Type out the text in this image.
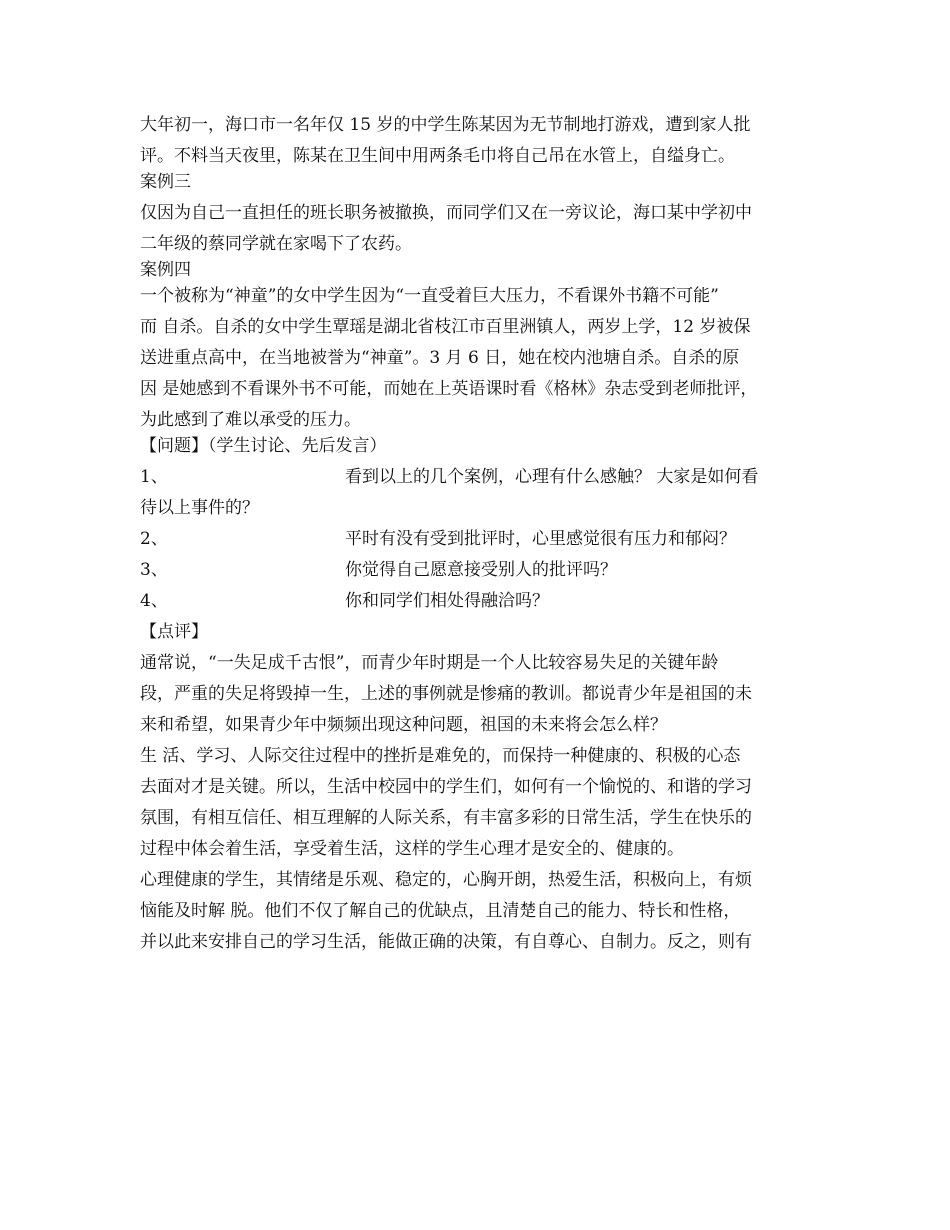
大年初一，海口市一名年仅 15 岁的中学生陈某因为无节制地打游戏，遭到家人批
评。不料当天夜里，陈某在卫生间中用两条毛巾将自己吊在水管上，自缢身亡。
案例三
仅因为自己一直担任的班长职务被撤换，而同学们又在一旁议论，海口某中学初中
二年级的蔡同学就在家喝下了农药。
案例四
一个被称为“神童”的女中学生因为“一直受着巨大压力，不看课外书籍不可能”
而 自杀。自杀的女中学生覃瑶是湖北省枝江市百里洲镇人，两岁上学，12 岁被保
送进重点高中，在当地被誉为“神童”。3 月 6 日，她在校内池塘自杀。自杀的原
因 是她感到不看课外书不可能，而她在上英语课时看《格林》杂志受到老师批评，
为此感到了难以承受的压力。
【问题】（学生讨论、先后发言）
1、	看到以上的几个案例，心理有什么感触？ 大家是如何看
待以上事件的？
2、	平时有没有受到批评时，心里感觉很有压力和郁闷？
3、	你觉得自己愿意接受别人的批评吗？
4、	你和同学们相处得融洽吗？
【点评】
通常说，“一失足成千古恨”，而青少年时期是一个人比较容易失足的关键年龄
段，严重的失足将毁掉一生，上述的事例就是惨痛的教训。都说青少年是祖国的未
来和希望，如果青少年中频频出现这种问题，祖国的未来将会怎么样？
生 活、学习、人际交往过程中的挫折是难免的，而保持一种健康的、积极的心态
去面对才是关键。所以，生活中校园中的学生们，如何有一个愉悦的、和谐的学习
氛围，有相互信任、相互理解的人际关系，有丰富多彩的日常生活，学生在快乐的
过程中体会着生活，享受着生活，这样的学生心理才是安全的、健康的。
心理健康的学生，其情绪是乐观、稳定的，心胸开朗，热爱生活，积极向上，有烦
恼能及时解 脱。他们不仅了解自己的优缺点，且清楚自己的能力、特长和性格，
并以此来安排自己的学习生活，能做正确的决策，有自尊心、自制力。反之，则有
